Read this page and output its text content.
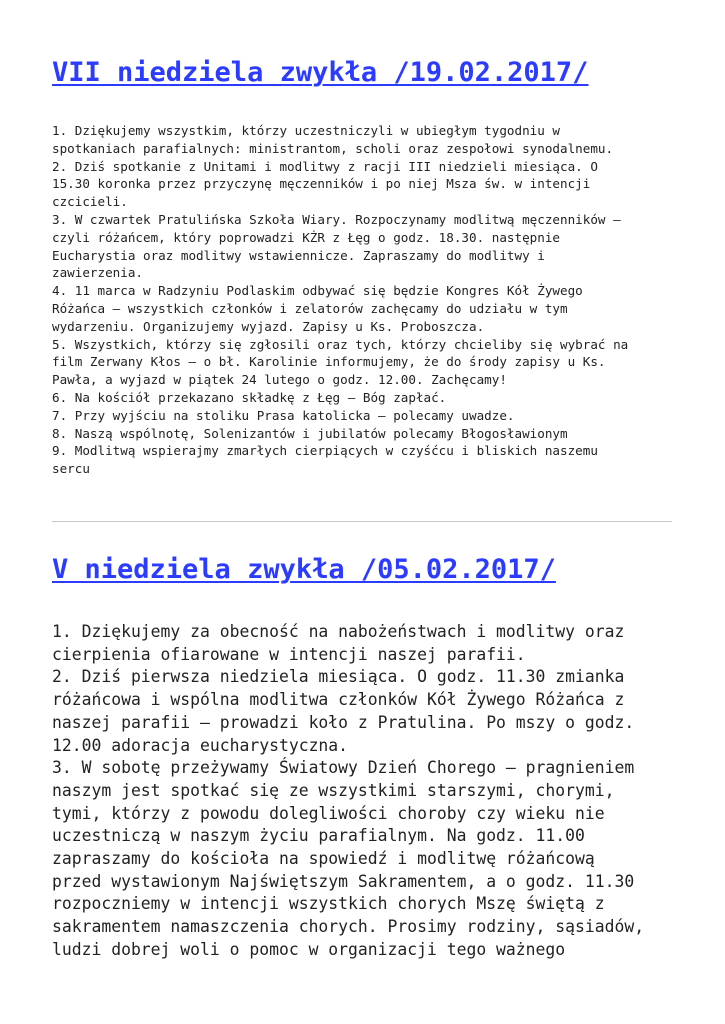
VII niedziela zwykła /19.02.2017/
1. Dziękujemy wszystkim, którzy uczestniczyli w ubiegłym tygodniu w
spotkaniach parafialnych: ministrantom, scholi oraz zespołowi synodalnemu.
2. Dziś spotkanie z Unitami i modlitwy z racji III niedzieli miesiąca. O
15.30 koronka przez przyczynę męczenników i po niej Msza św. w intencji
czcicieli.
3. W czwartek Pratulińska Szkoła Wiary. Rozpoczynamy modlitwą męczenników –
czyli różańcem, który poprowadzi KŻR z Łęg o godz. 18.30. następnie
Eucharystia oraz modlitwy wstawiennicze. Zapraszamy do modlitwy i
zawierzenia.
4. 11 marca w Radzyniu Podlaskim odbywać się będzie Kongres Kół Żywego
Różańca – wszystkich członków i zelatorów zachęcamy do udziału w tym
wydarzeniu. Organizujemy wyjazd. Zapisy u Ks. Proboszcza.
5. Wszystkich, którzy się zgłosili oraz tych, którzy chcieliby się wybrać na
film Zerwany Kłos – o bł. Karolinie informujemy, że do środy zapisy u Ks.
Pawła, a wyjazd w piątek 24 lutego o godz. 12.00. Zachęcamy!
6. Na kościół przekazano składkę z Łęg – Bóg zapłać.
7. Przy wyjściu na stoliku Prasa katolicka – polecamy uwadze.
8. Naszą wspólnotę, Solenizantów i jubilatów polecamy Błogosławionym
9. Modlitwą wspierajmy zmarłych cierpiących w czyśćcu i bliskich naszemu
sercu
V niedziela zwykła /05.02.2017/
1. Dziękujemy za obecność na nabożeństwach i modlitwy oraz
cierpienia ofiarowane w intencji naszej parafii.
2. Dziś pierwsza niedziela miesiąca. O godz. 11.30 zmianka
różańcowa i wspólna modlitwa członków Kół Żywego Różańca z
naszej parafii – prowadzi koło z Pratulina. Po mszy o godz.
12.00 adoracja eucharystyczna.
3. W sobotę przeżywamy Światowy Dzień Chorego – pragnieniem
naszym jest spotkać się ze wszystkimi starszymi, chorymi,
tymi, którzy z powodu dolegliwości choroby czy wieku nie
uczestniczą w naszym życiu parafialnym. Na godz. 11.00
zapraszamy do kościoła na spowiedź i modlitwę różańcową
przed wystawionym Najświętszym Sakramentem, a o godz. 11.30
rozpoczniemy w intencji wszystkich chorych Mszę świętą z
sakramentem namaszczenia chorych. Prosimy rodziny, sąsiadów,
ludzi dobrej woli o pomoc w organizacji tego ważnego
